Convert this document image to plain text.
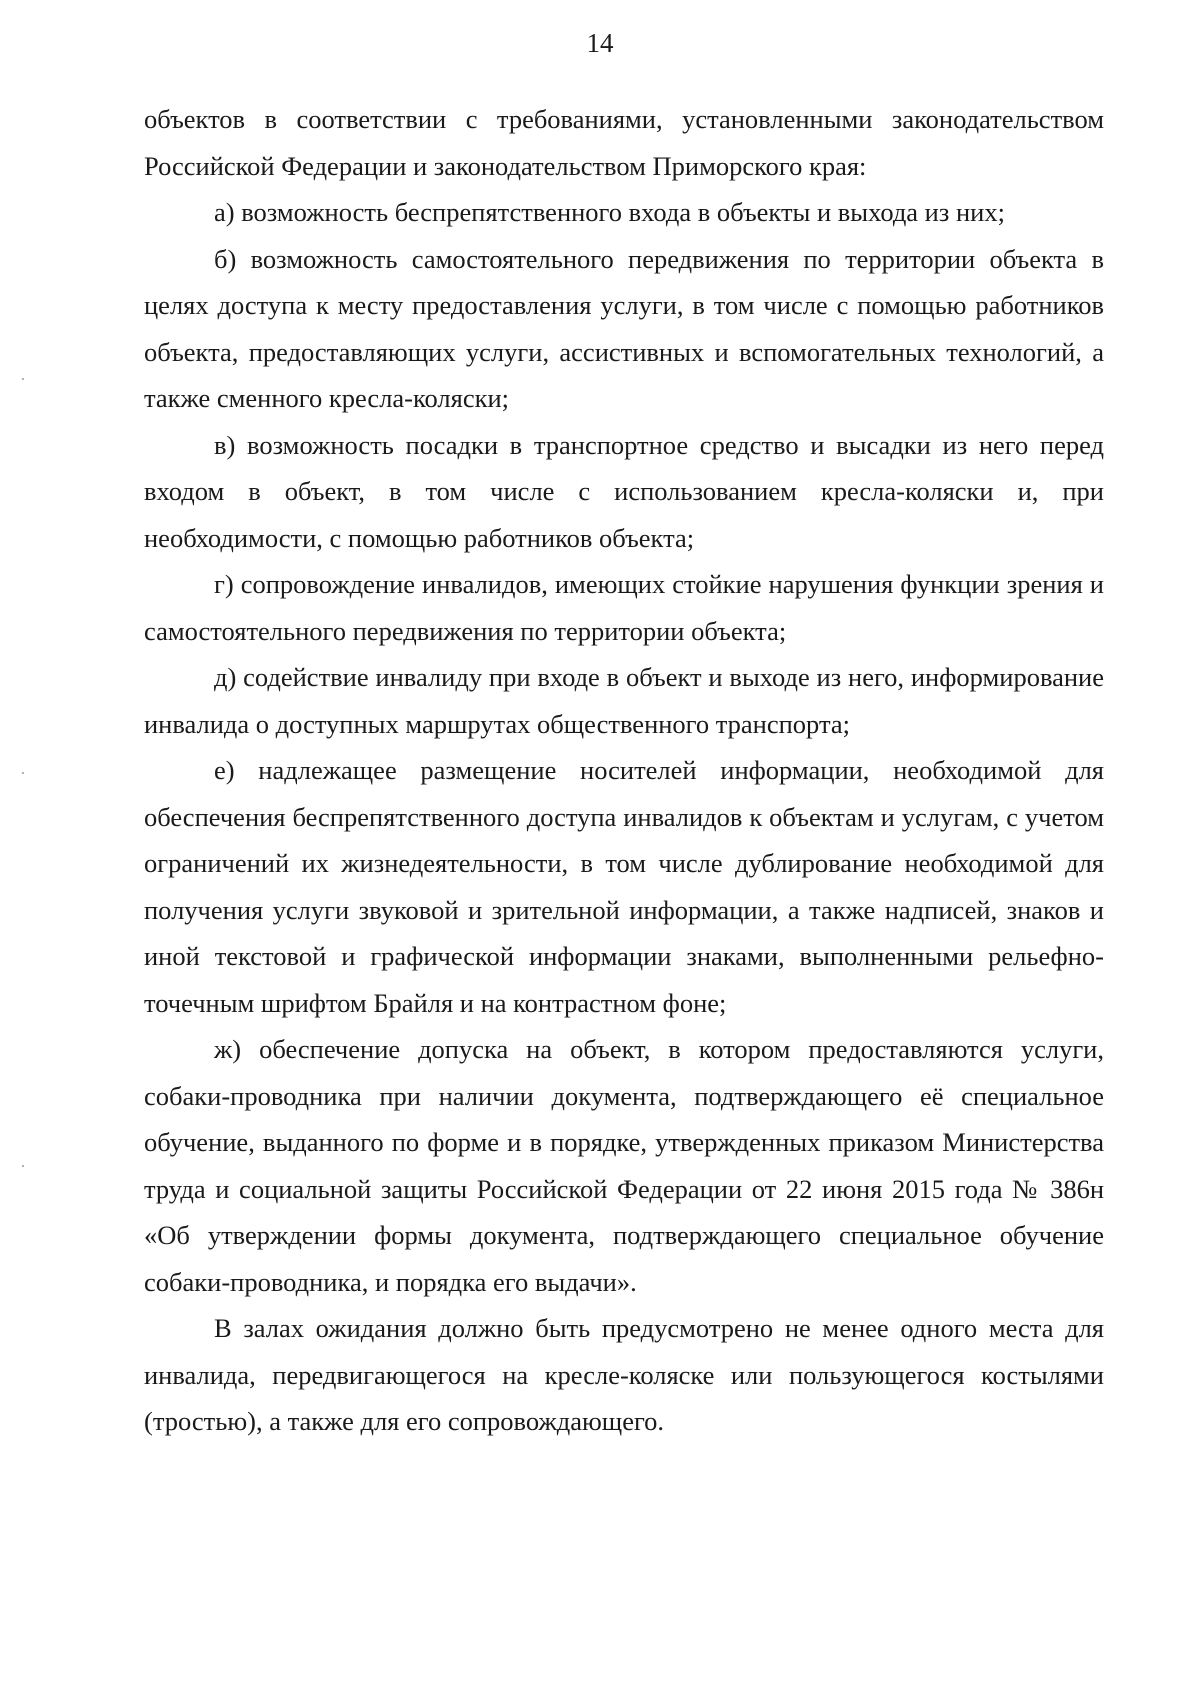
14

объектов в соответствии с требованиями, установленными законодательством Российской Федерации и законодательством Приморского края:

а) возможность беспрепятственного входа в объекты и выхода из них;

б) возможность самостоятельного передвижения по территории объекта в целях доступа к месту предоставления услуги, в том числе с помощью работников объекта, предоставляющих услуги, ассистивных и вспомогательных технологий, а также сменного кресла-коляски;

в) возможность посадки в транспортное средство и высадки из него перед входом в объект, в том числе с использованием кресла-коляски и, при необходимости, с помощью работников объекта;

г) сопровождение инвалидов, имеющих стойкие нарушения функции зрения и самостоятельного передвижения по территории объекта;

д) содействие инвалиду при входе в объект и выходе из него, информирование инвалида о доступных маршрутах общественного транспорта;

е) надлежащее размещение носителей информации, необходимой для обеспечения беспрепятственного доступа инвалидов к объектам и услугам, с учетом ограничений их жизнедеятельности, в том числе дублирование необходимой для получения услуги звуковой и зрительной информации, а также надписей, знаков и иной текстовой и графической информации знаками, выполненными рельефно-точечным шрифтом Брайля и на контрастном фоне;

ж) обеспечение допуска на объект, в котором предоставляются услуги, собаки-проводника при наличии документа, подтверждающего её специальное обучение, выданного по форме и в порядке, утвержденных приказом Министерства труда и социальной защиты Российской Федерации от 22 июня 2015 года № 386н «Об утверждении формы документа, подтверждающего специальное обучение собаки-проводника, и порядка его выдачи».

В залах ожидания должно быть предусмотрено не менее одного места для инвалида, передвигающегося на кресле-коляске или пользующегося костылями (тростью), а также для его сопровождающего.
